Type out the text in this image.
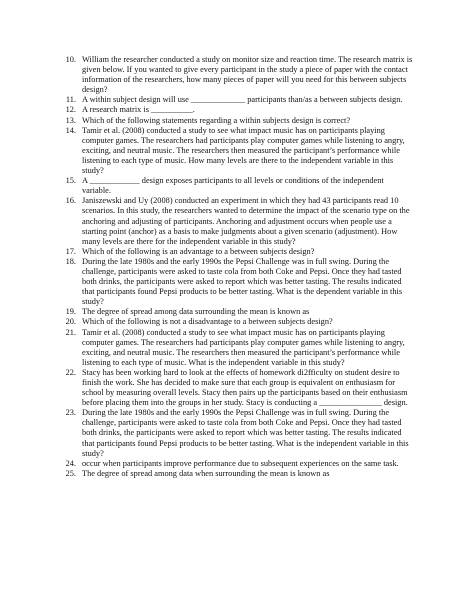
10. William the researcher conducted a study on monitor size and reaction time. The research matrix is given below. If you wanted to give every participant in the study a piece of paper with the contact information of the researchers, how many pieces of paper will you need for this between subjects design?
11. A within subject design will use _____________ participants than/as a between subjects design.
12. A research matrix is __________.
13. Which of the following statements regarding a within subjects design is correct?
14. Tamir et al. (2008) conducted a study to see what impact music has on participants playing computer games. The researchers had participants play computer games while listening to angry, exciting, and neutral music. The researchers then measured the participant’s performance while listening to each type of music. How many levels are there to the independent variable in this study?
15. A ____________ design exposes participants to all levels or conditions of the independent variable.
16. Janiszewski and Uy (2008) conducted an experiment in which they had 43 participants read 10 scenarios. In this study, the researchers wanted to determine the impact of the scenario type on the anchoring and adjusting of participants. Anchoring and adjustment occurs when people use a starting point (anchor) as a basis to make judgments about a given scenario (adjustment). How many levels are there for the independent variable in this study?
17. Which of the following is an advantage to a between subjects design?
18. During the late 1980s and the early 1990s the Pepsi Challenge was in full swing. During the challenge, participants were asked to taste cola from both Coke and Pepsi. Once they had tasted both drinks, the participants were asked to report which was better tasting. The results indicated that participants found Pepsi products to be better tasting. What is the dependent variable in this study?
19. The degree of spread among data surrounding the mean is known as
20. Which of the following is not a disadvantage to a between subjects design?
21. Tamir et al. (2008) conducted a study to see what impact music has on participants playing computer games. The researchers had participants play computer games while listening to angry, exciting, and neutral music. The researchers then measured the participant’s performance while listening to each type of music. What is the independent variable in this study?
22. Stacy has been working hard to look at the effects of homework di2fficulty on student desire to finish the work. She has decided to make sure that each group is equivalent on enthusiasm for school by measuring overall levels. Stacy then pairs up the participants based on their enthusiasm before placing them into the groups in her study. Stacy is conducting a _______________ design.
23. During the late 1980s and the early 1990s the Pepsi Challenge was in full swing. During the challenge, participants were asked to taste cola from both Coke and Pepsi. Once they had tasted both drinks, the participants were asked to report which was better tasting. The results indicated that participants found Pepsi products to be better tasting. What is the independent variable in this study?
24. occur when participants improve performance due to subsequent experiences on the same task.
25. The degree of spread among data when surrounding the mean is known as
